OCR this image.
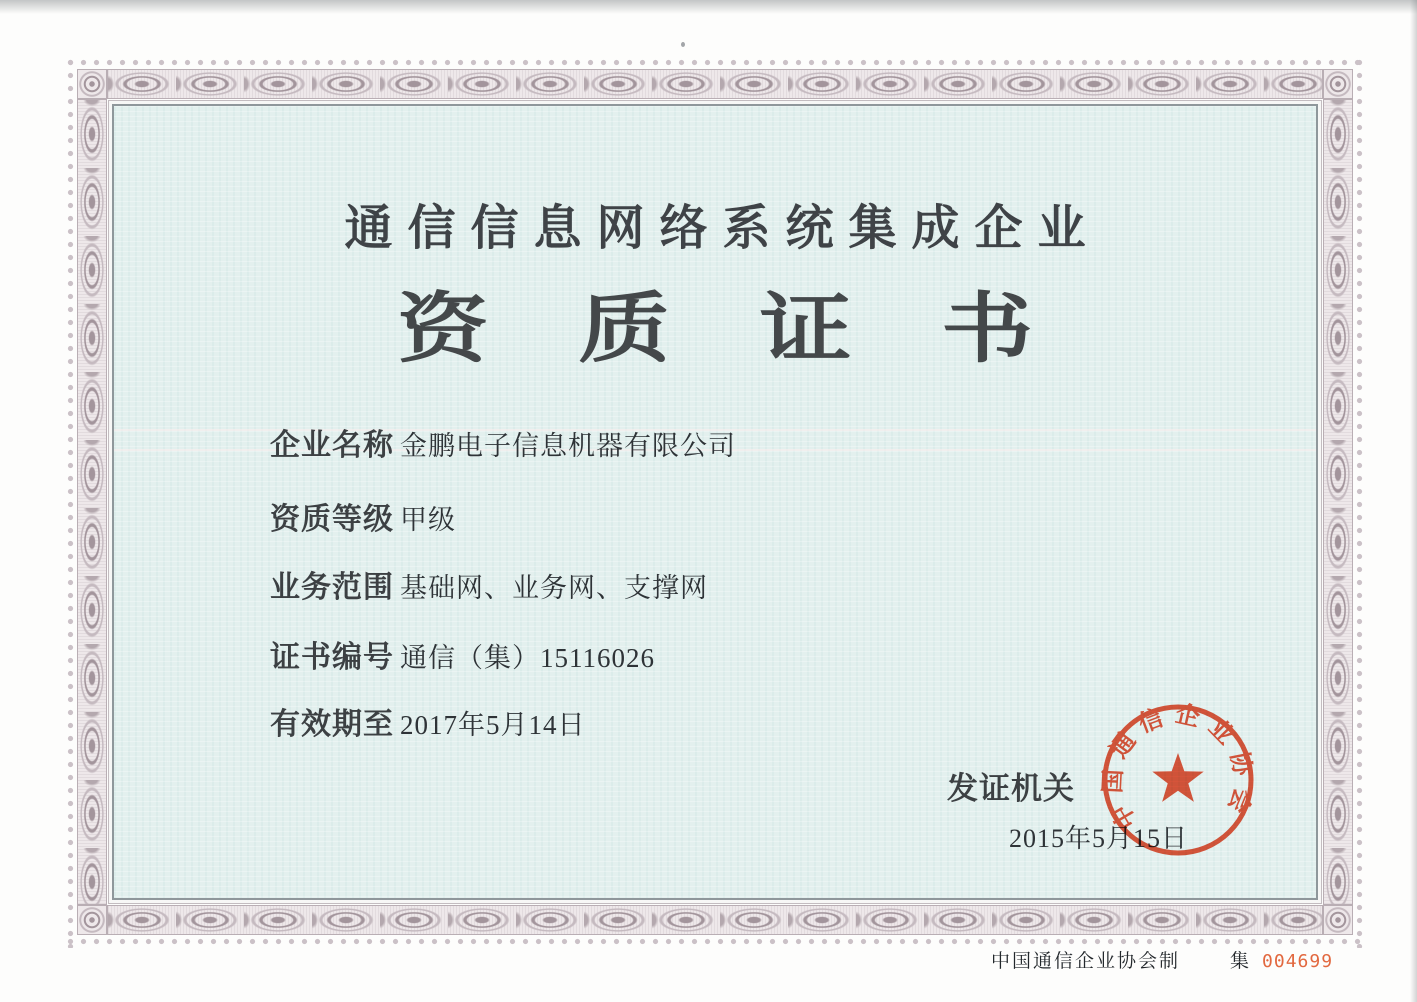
通信信息网络系统集成企业
资质证书
企业名称 金鹏电子信息机器有限公司
资质等级 甲级
业务范围 基础网、业务网、支撑网
证书编号 通信（集）15116026
有效期至 2017年5月14日
发证机关
2015年5月15日
中国通信企业协会
中国通信企业协会制	集 004699
